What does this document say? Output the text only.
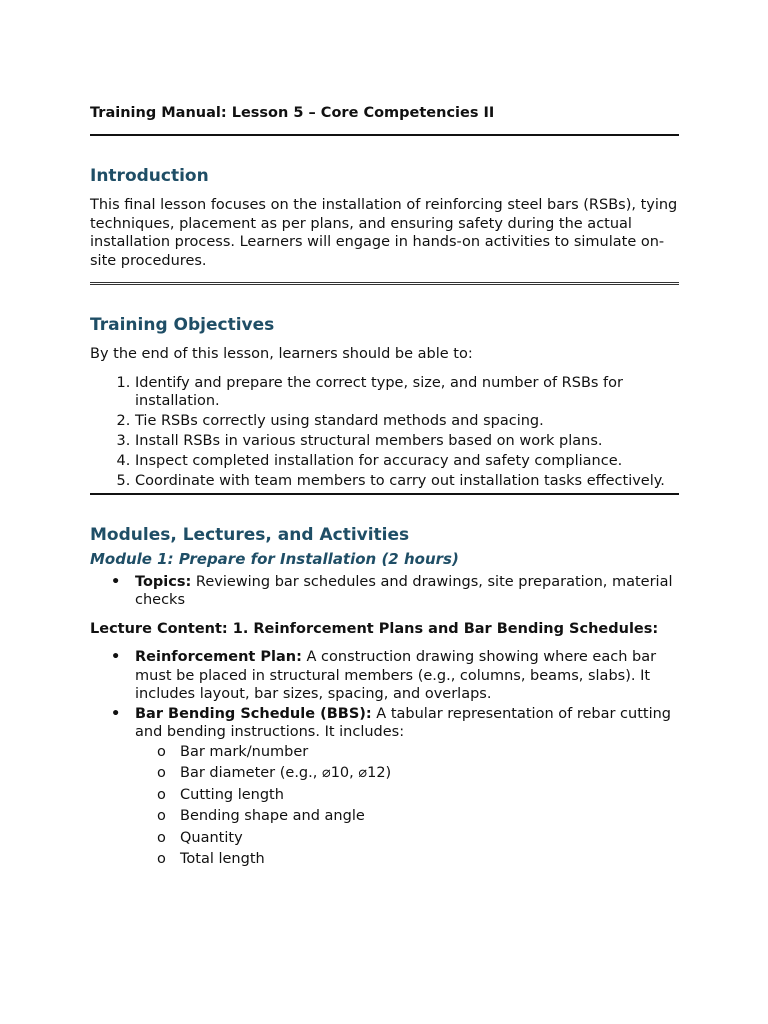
Training Manual: Lesson 5 – Core Competencies II
Introduction

This final lesson focuses on the installation of reinforcing steel bars (RSBs), tying techniques, placement as per plans, and ensuring safety during the actual installation process. Learners will engage in hands-on activities to simulate on-site procedures.

Training Objectives

By the end of this lesson, learners should be able to:

1. Identify and prepare the correct type, size, and number of RSBs for installation.
2. Tie RSBs correctly using standard methods and spacing.
3. Install RSBs in various structural members based on work plans.
4. Inspect completed installation for accuracy and safety compliance.
5. Coordinate with team members to carry out installation tasks effectively.
Modules, Lectures, and Activities
Module 1: Prepare for Installation (2 hours)
• Topics: Reviewing bar schedules and drawings, site preparation, material checks

Lecture Content: 1. Reinforcement Plans and Bar Bending Schedules:

• Reinforcement Plan: A construction drawing showing where each bar must be placed in structural members (e.g., columns, beams, slabs). It includes layout, bar sizes, spacing, and overlaps.
• Bar Bending Schedule (BBS): A tabular representation of rebar cutting and bending instructions. It includes:
o Bar mark/number
o Bar diameter (e.g., ⌀10, ⌀12)
o Cutting length
o Bending shape and angle
o Quantity
o Total length
